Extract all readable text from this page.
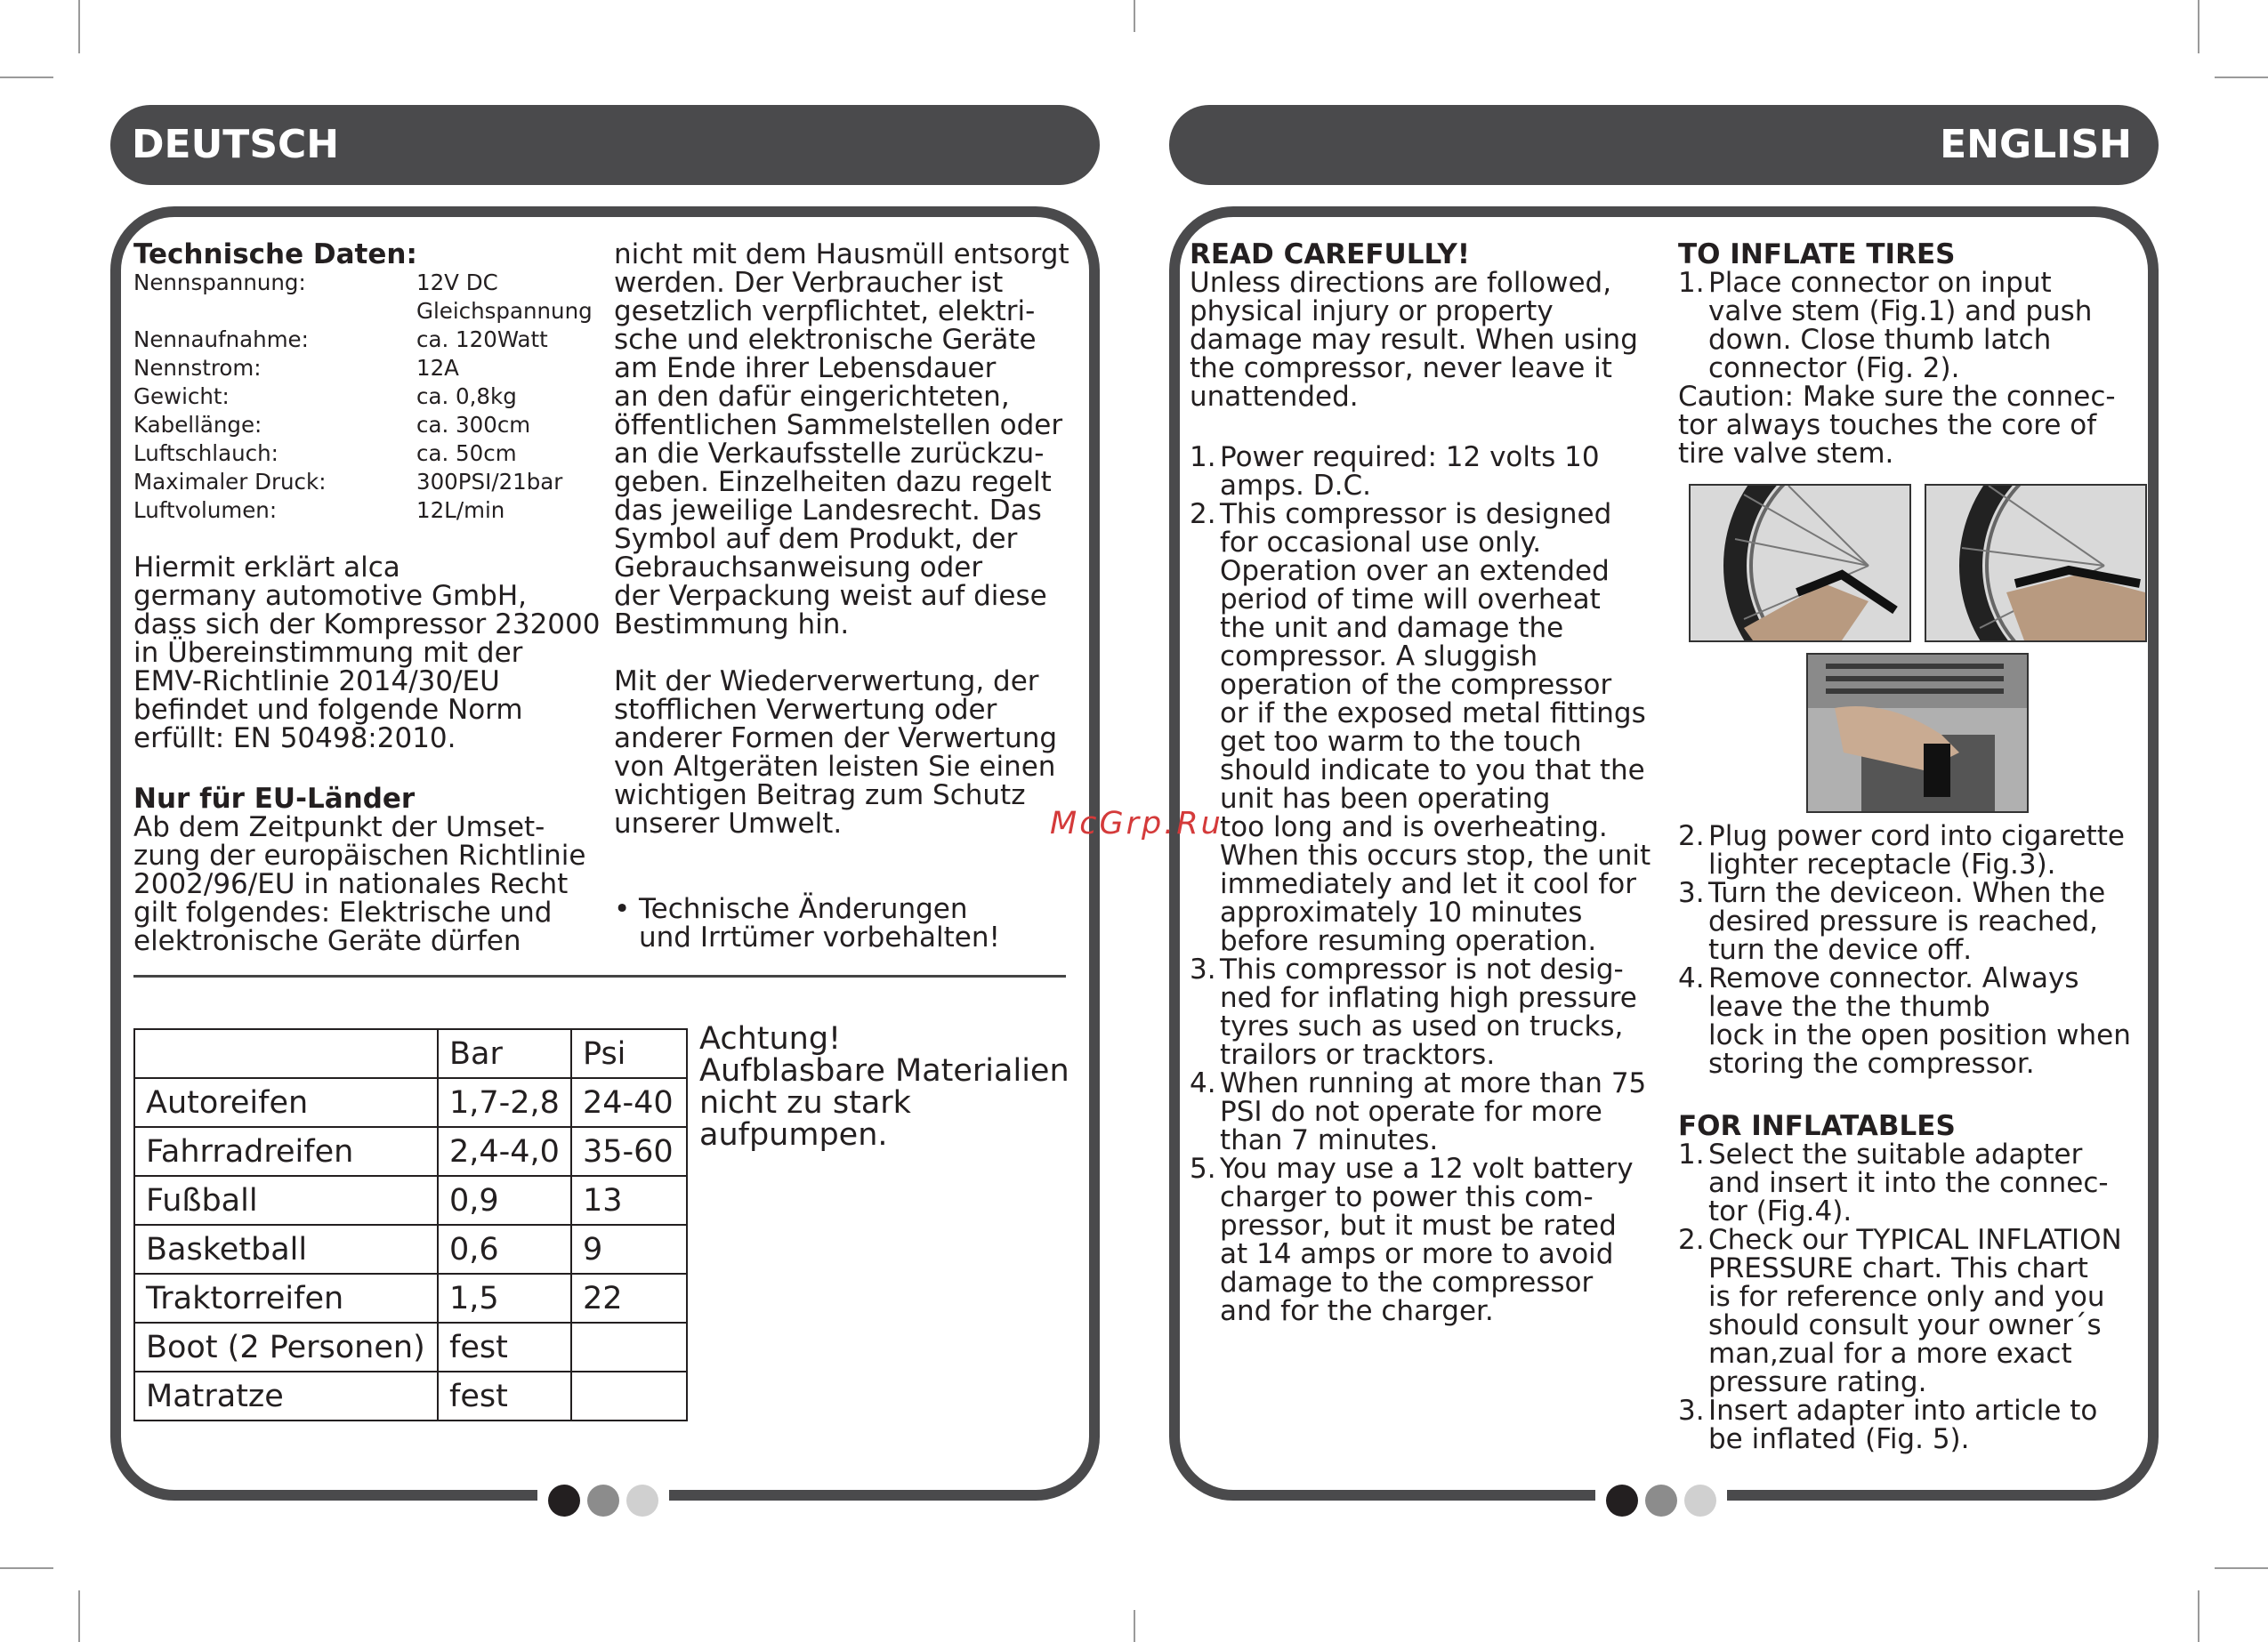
DEUTSCH	ENGLISH
Technische Daten:
Nennspannung:	12V DC
Gleichspannung
Nennaufnahme:	ca. 120Watt
Nennstrom:	12A
Gewicht:	ca. 0,8kg
Kabellänge:	ca. 300cm
Luftschlauch:	ca. 50cm
Maximaler Druck:	300PSI/21bar
Luftvolumen:	12L/min
Hiermit erklärt alca
germany automotive GmbH,
dass sich der Kompressor 232000
in Übereinstimmung mit der
EMV-Richtlinie 2014/30/EU
befindet und folgende Norm
erfüllt: EN 50498:2010.
Nur für EU-Länder
Ab dem Zeitpunkt der Umset-
zung der europäischen Richtlinie
2002/96/EU in nationales Recht
gilt folgendes: Elektrische und
elektronische Geräte dürfen
nicht mit dem Hausmüll entsorgt
werden. Der Verbraucher ist
gesetzlich verpflichtet, elektri-
sche und elektronische Geräte
am Ende ihrer Lebensdauer
an den dafür eingerichteten,
öffentlichen Sammelstellen oder
an die Verkaufsstelle zurückzu-
geben. Einzelheiten dazu regelt
das jeweilige Landesrecht. Das
Symbol auf dem Produkt, der
Gebrauchsanweisung oder
der Verpackung weist auf diese
Bestimmung hin.
Mit der Wiederverwertung, der
stofflichen Verwertung oder
anderer Formen der Verwertung
von Altgeräten leisten Sie einen
wichtigen Beitrag zum Schutz
unserer Umwelt.
• Technische Änderungen
und Irrtümer vorbehalten!
	Bar	Psi
Autoreifen	1,7-2,8	24-40
Fahrradreifen	2,4-4,0	35-60
Fußball	0,9	13
Basketball	0,6	9
Traktorreifen	1,5	22
Boot (2 Personen)	fest	
Matratze	fest	
Achtung!
Aufblasbare Materialien
nicht zu stark
aufpumpen.
McGrp.Ru
READ CAREFULLY!
Unless directions are followed,
physical injury or property
damage may result. When using
the compressor, never leave it
unattended.
1. Power required: 12 volts 10
amps. D.C.
2. This compressor is designed
for occasional use only.
Operation over an extended
period of time will overheat
the unit and damage the
compressor. A sluggish
operation of the compressor
or if the exposed metal fittings
get too warm to the touch
should indicate to you that the
unit has been operating
too long and is overheating.
When this occurs stop, the unit
immediately and let it cool for
approximately 10 minutes
before resuming operation.
3. This compressor is not desig-
ned for inflating high pressure
tyres such as used on trucks,
trailors or tracktors.
4. When running at more than 75
PSI do not operate for more
than 7 minutes.
5. You may use a 12 volt battery
charger to power this com-
pressor, but it must be rated
at 14 amps or more to avoid
damage to the compressor
and for the charger.
TO INFLATE TIRES
1. Place connector on input
valve stem (Fig.1) and push
down. Close thumb latch
connector (Fig. 2).
Caution: Make sure the connec-
tor always touches the core of
tire valve stem.
2. Plug power cord into cigarette
lighter receptacle (Fig.3).
3. Turn the deviceon. When the
desired pressure is reached,
turn the device off.
4. Remove connector. Always
leave the the thumb
lock in the open position when
storing the compressor.
FOR INFLATABLES
1. Select the suitable adapter
and insert it into the connec-
tor (Fig.4).
2. Check our TYPICAL INFLATION
PRESSURE chart. This chart
is for reference only and you
should consult your owner´s
man,zual for a more exact
pressure rating.
3. Insert adapter into article to
be inflated (Fig. 5).
